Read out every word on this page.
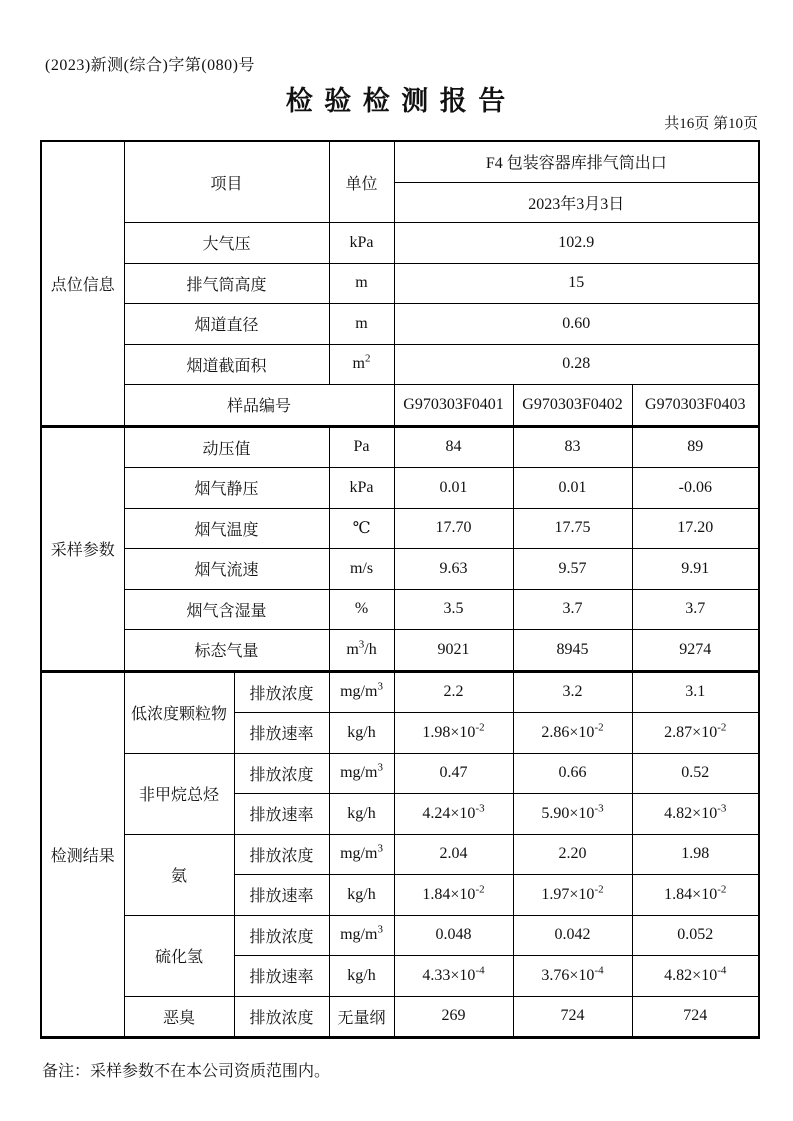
(2023)新测(综合)字第(080)号
检 验 检 测 报 告
共16页 第10页
点位信息	项目		单位	F4 包装容器库排气筒出口		
				2023年3月3日		
	大气压		kPa	102.9		
	排气筒高度		m	15		
	烟道直径		m	0.60		
	烟道截面积		$m^2$	0.28		
	样品编号			G970303F0401	G970303F0402	G970303F0403
采样参数	动压值		Pa	84	83	89
	烟气静压		kPa	0.01	0.01	-0.06
	烟气温度		℃	17.70	17.75	17.20
	烟气流速		m/s	9.63	9.57	9.91
	烟气含湿量		%	3.5	3.7	3.7
	标态气量		$m^3/h$	9021	8945	9274
检测结果	低浓度颗粒物	排放浓度	$mg/m^3$	2.2	3.2	3.1
		排放速率	kg/h	$1.98\times 10^{-2}$	$2.86\times 10^{-2}$	$2.87\times 10^{-2}$
	非甲烷总烃	排放浓度	$mg/m^3$	0.47	0.66	0.52
		排放速率	kg/h	$4.24\times 10^{-3}$	$5.90\times 10^{-3}$	$4.82\times 10^{-3}$
	氨	排放浓度	$mg/m^3$	2.04	2.20	1.98
		排放速率	kg/h	$1.84\times 10^{-2}$	$1.97\times 10^{-2}$	$1.84\times 10^{-2}$
	硫化氢	排放浓度	$mg/m^3$	0.048	0.042	0.052
		排放速率	kg/h	$4.33\times 10^{-4}$	$3.76\times 10^{-4}$	$4.82\times 10^{-4}$
	恶臭	排放浓度	无量纲	269	724	724
备注：采样参数不在本公司资质范围内。
